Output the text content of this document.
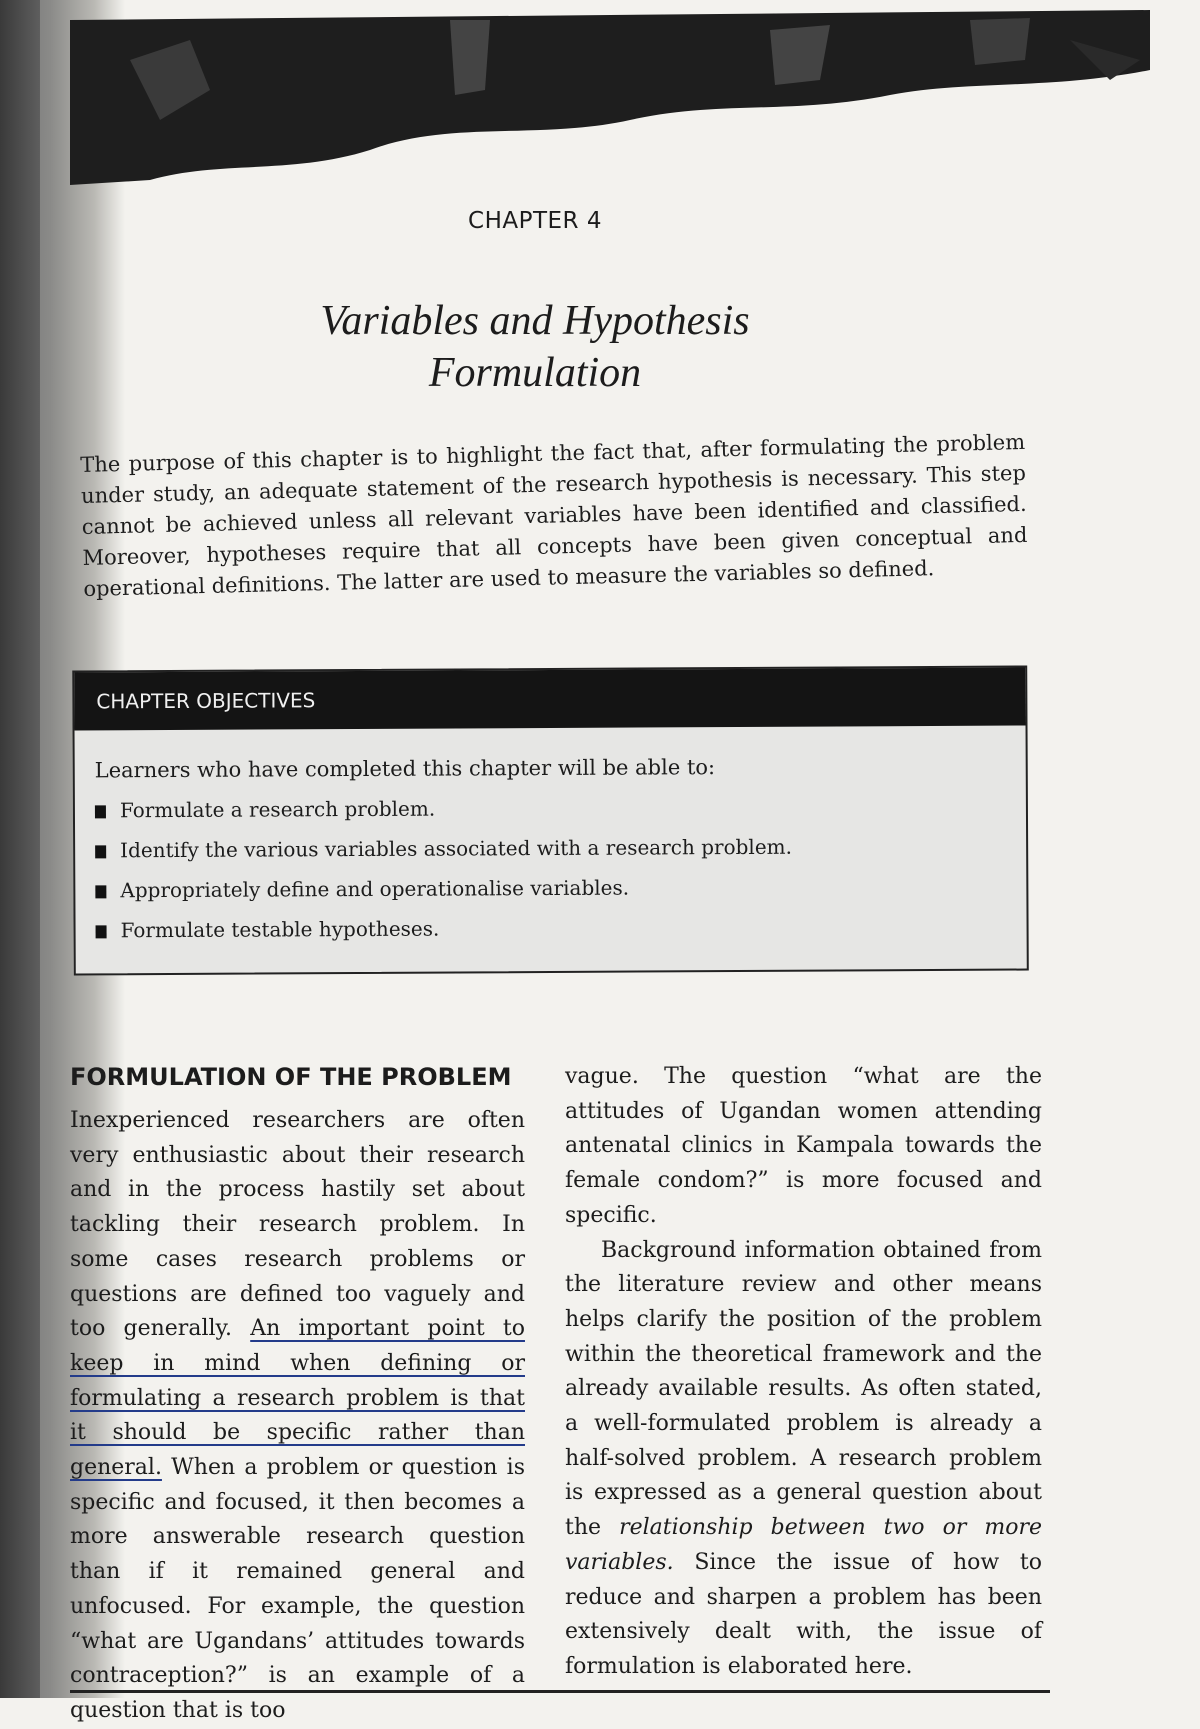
CHAPTER 4
Variables and Hypothesis
Formulation
The purpose of this chapter is to highlight the fact that, after formulating the problem under study, an adequate statement of the research hypothesis is necessary. This step cannot be achieved unless all relevant variables have been identified and classified. Moreover, hypotheses require that all concepts have been given conceptual and operational definitions. The latter are used to measure the variables so defined.
CHAPTER OBJECTIVES
Learners who have completed this chapter will be able to:
Formulate a research problem.
Identify the various variables associated with a research problem.
Appropriately define and operationalise variables.
Formulate testable hypotheses.
FORMULATION OF THE PROBLEM

Inexperienced researchers are often very enthusiastic about their research and in the process hastily set about tackling their research problem. In some cases research problems or questions are defined too vaguely and too generally. An important point to keep in mind when defining or formulating a research problem is that it should be specific rather than general. When a problem or question is specific and focused, it then becomes a more answerable research question than if it remained general and unfocused. For example, the question “what are Ugandans’ attitudes towards contraception?” is an example of a question that is too

vague. The question “what are the attitudes of Ugandan women attending antenatal clinics in Kampala towards the female condom?” is more focused and specific.

Background information obtained from the literature review and other means helps clarify the position of the problem within the theoretical framework and the already available results. As often stated, a well-formulated problem is already a half-solved problem. A research problem is expressed as a general question about the relationship between two or more variables. Since the issue of how to reduce and sharpen a problem has been extensively dealt with, the issue of formulation is elaborated here.
